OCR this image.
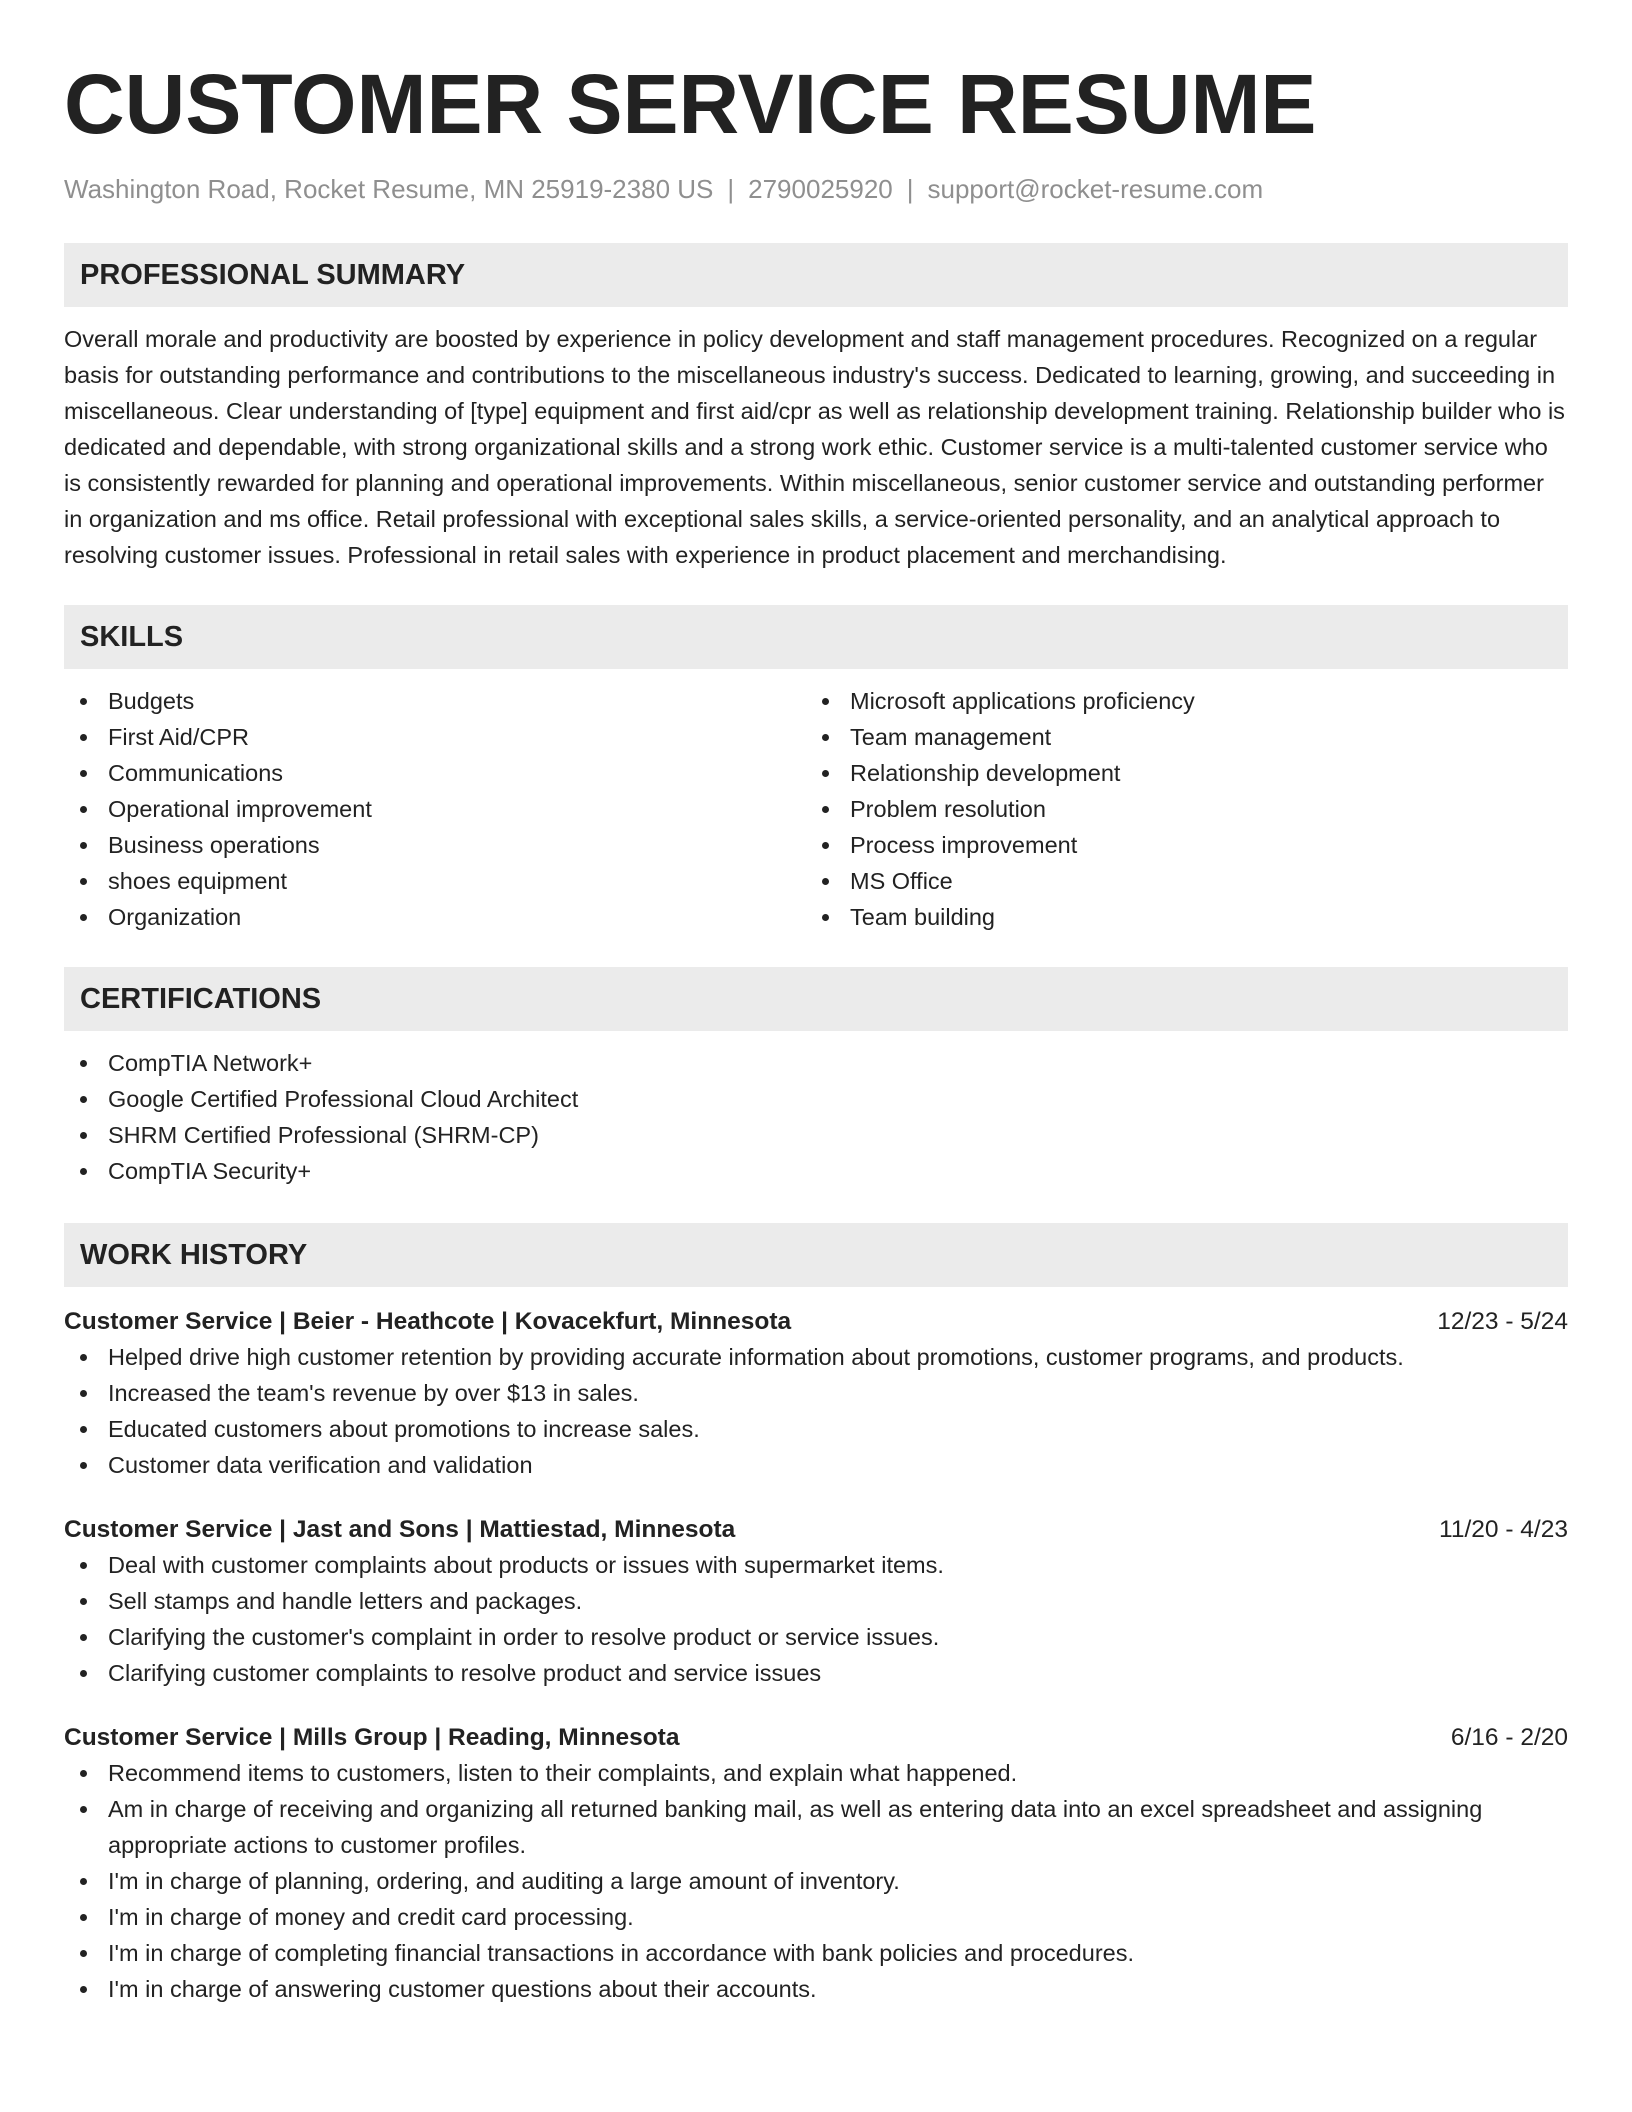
CUSTOMER SERVICE RESUME
Washington Road, Rocket Resume, MN 25919-2380 US | 2790025920 | support@rocket-resume.com
PROFESSIONAL SUMMARY

Overall morale and productivity are boosted by experience in policy development and staff management procedures. Recognized on a regular basis for outstanding performance and contributions to the miscellaneous industry's success. Dedicated to learning, growing, and succeeding in miscellaneous. Clear understanding of [type] equipment and first aid/cpr as well as relationship development training. Relationship builder who is dedicated and dependable, with strong organizational skills and a strong work ethic. Customer service is a multi-talented customer service who is consistently rewarded for planning and operational improvements. Within miscellaneous, senior customer service and outstanding performer in organization and ms office. Retail professional with exceptional sales skills, a service-oriented personality, and an analytical approach to resolving customer issues. Professional in retail sales with experience in product placement and merchandising.

SKILLS
Budgets
First Aid/CPR
Communications
Operational improvement
Business operations
shoes equipment
Organization
Microsoft applications proficiency
Team management
Relationship development
Problem resolution
Process improvement
MS Office
Team building
CERTIFICATIONS
CompTIA Network+
Google Certified Professional Cloud Architect
SHRM Certified Professional (SHRM-CP)
CompTIA Security+
WORK HISTORY
Customer Service | Beier - Heathcote | Kovacekfurt, Minnesota	12/23 - 5/24
Helped drive high customer retention by providing accurate information about promotions, customer programs, and products.
Increased the team's revenue by over $13 in sales.
Educated customers about promotions to increase sales.
Customer data verification and validation
Customer Service | Jast and Sons | Mattiestad, Minnesota	11/20 - 4/23
Deal with customer complaints about products or issues with supermarket items.
Sell stamps and handle letters and packages.
Clarifying the customer's complaint in order to resolve product or service issues.
Clarifying customer complaints to resolve product and service issues
Customer Service | Mills Group | Reading, Minnesota	6/16 - 2/20
Recommend items to customers, listen to their complaints, and explain what happened.
Am in charge of receiving and organizing all returned banking mail, as well as entering data into an excel spreadsheet and assigning appropriate actions to customer profiles.
I'm in charge of planning, ordering, and auditing a large amount of inventory.
I'm in charge of money and credit card processing.
I'm in charge of completing financial transactions in accordance with bank policies and procedures.
I'm in charge of answering customer questions about their accounts.
